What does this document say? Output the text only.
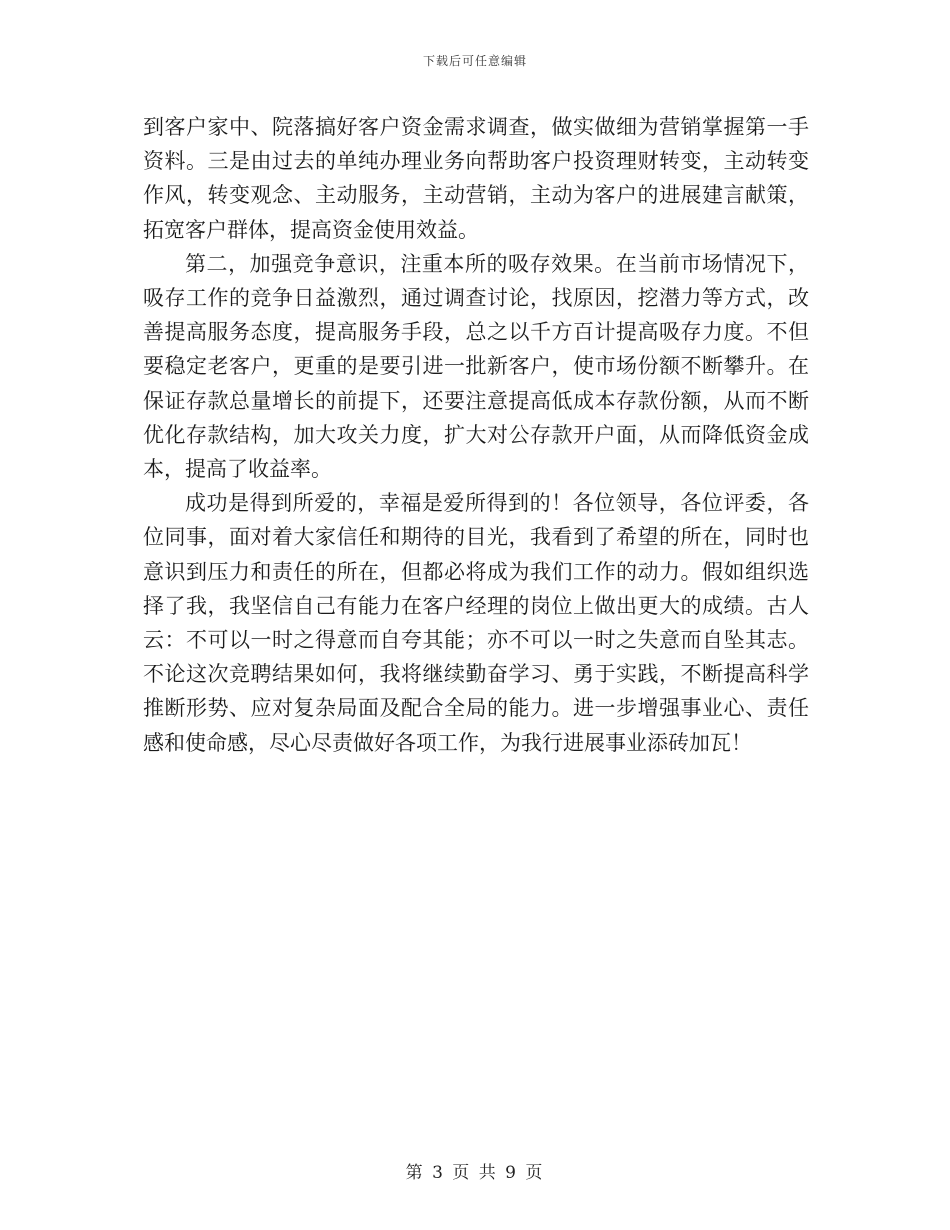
下载后可任意编辑

到客户家中、院落搞好客户资金需求调查，做实做细为营销掌握第一手资料。三是由过去的单纯办理业务向帮助客户投资理财转变，主动转变作风，转变观念、主动服务，主动营销，主动为客户的进展建言献策，拓宽客户群体，提高资金使用效益。

第二，加强竞争意识，注重本所的吸存效果。在当前市场情况下，吸存工作的竞争日益激烈，通过调查讨论，找原因，挖潜力等方式，改善提高服务态度，提高服务手段，总之以千方百计提高吸存力度。不但要稳定老客户，更重的是要引进一批新客户，使市场份额不断攀升。在保证存款总量增长的前提下，还要注意提高低成本存款份额，从而不断优化存款结构，加大攻关力度，扩大对公存款开户面，从而降低资金成本，提高了收益率。

成功是得到所爱的，幸福是爱所得到的！各位领导，各位评委，各位同事，面对着大家信任和期待的目光，我看到了希望的所在，同时也意识到压力和责任的所在，但都必将成为我们工作的动力。假如组织选择了我，我坚信自己有能力在客户经理的岗位上做出更大的成绩。古人云：不可以一时之得意而自夸其能；亦不可以一时之失意而自坠其志。不论这次竞聘结果如何，我将继续勤奋学习、勇于实践，不断提高科学推断形势、应对复杂局面及配合全局的能力。进一步增强事业心、责任感和使命感，尽心尽责做好各项工作，为我行进展事业添砖加瓦！

第 3 页 共 9 页
